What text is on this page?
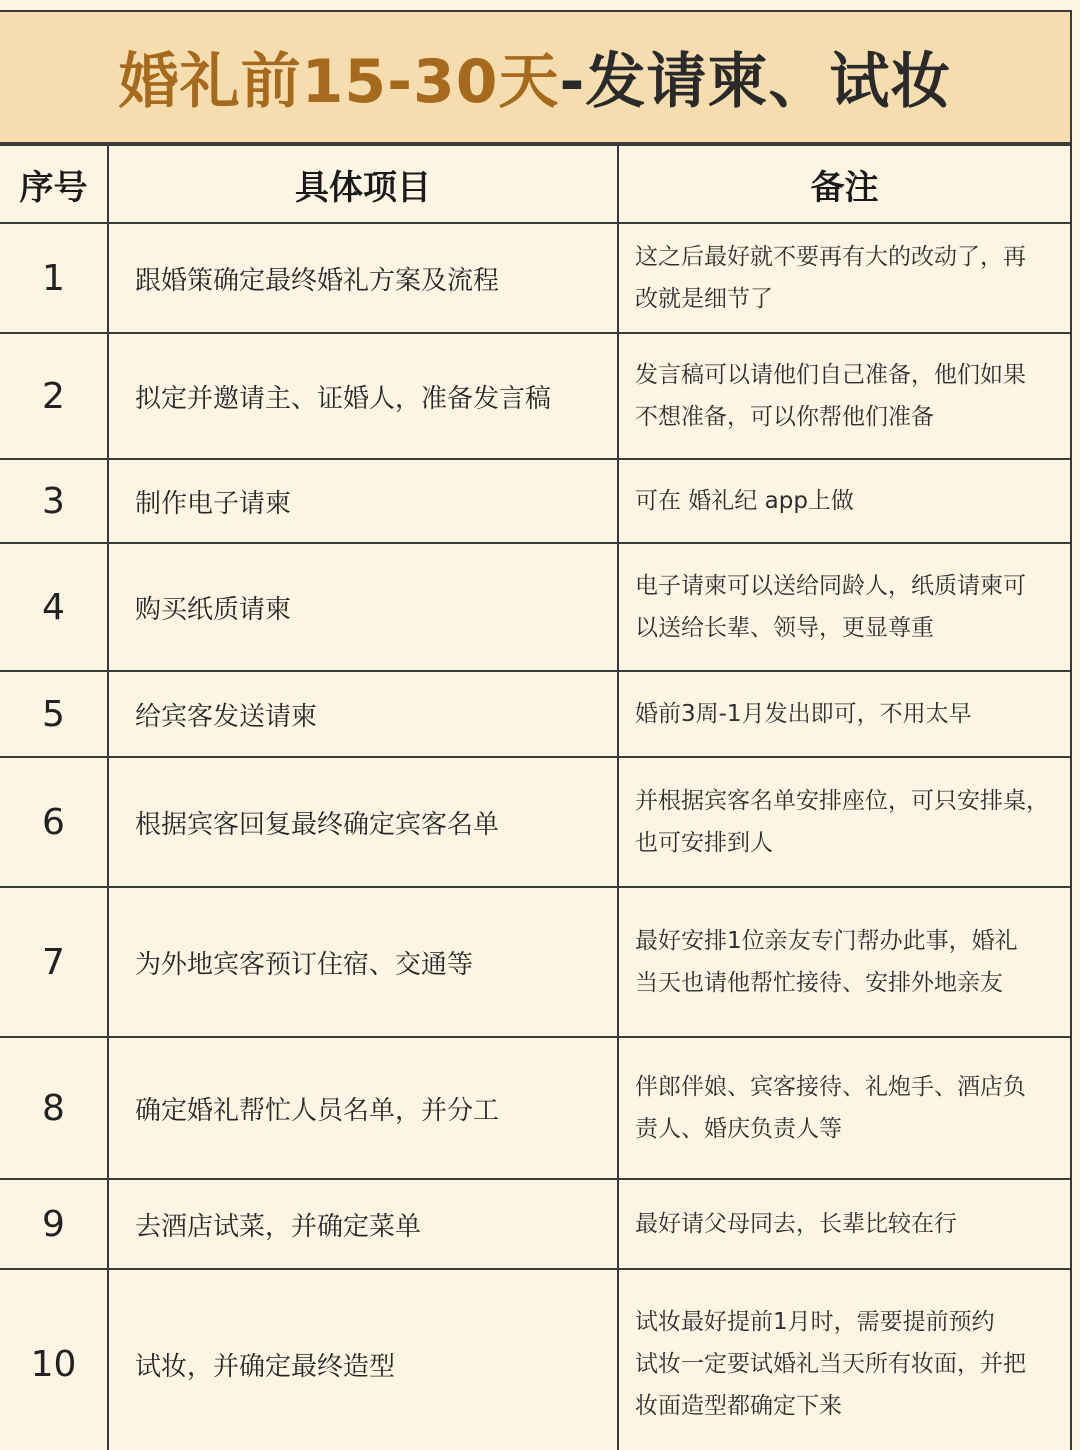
婚礼前15-30天-发请柬、试妆
序号	具体项目	备注
1	跟婚策确定最终婚礼方案及流程	这之后最好就不要再有大的改动了，再
改就是细节了

2	拟定并邀请主、证婚人，准备发言稿	发言稿可以请他们自己准备，他们如果
不想准备，可以你帮他们准备

3	制作电子请柬	可在 婚礼纪 app上做

4	购买纸质请柬	电子请柬可以送给同龄人，纸质请柬可
以送给长辈、领导，更显尊重

5	给宾客发送请柬	婚前3周-1月发出即可，不用太早

6	根据宾客回复最终确定宾客名单	并根据宾客名单安排座位，可只安排桌，
也可安排到人

7	为外地宾客预订住宿、交通等	最好安排1位亲友专门帮办此事，婚礼
当天也请他帮忙接待、安排外地亲友

8	确定婚礼帮忙人员名单，并分工	伴郎伴娘、宾客接待、礼炮手、酒店负
责人、婚庆负责人等

9	去酒店试菜，并确定菜单	最好请父母同去，长辈比较在行

10	试妆，并确定最终造型	试妆最好提前1月时，需要提前预约
试妆一定要试婚礼当天所有妆面，并把
妆面造型都确定下来
